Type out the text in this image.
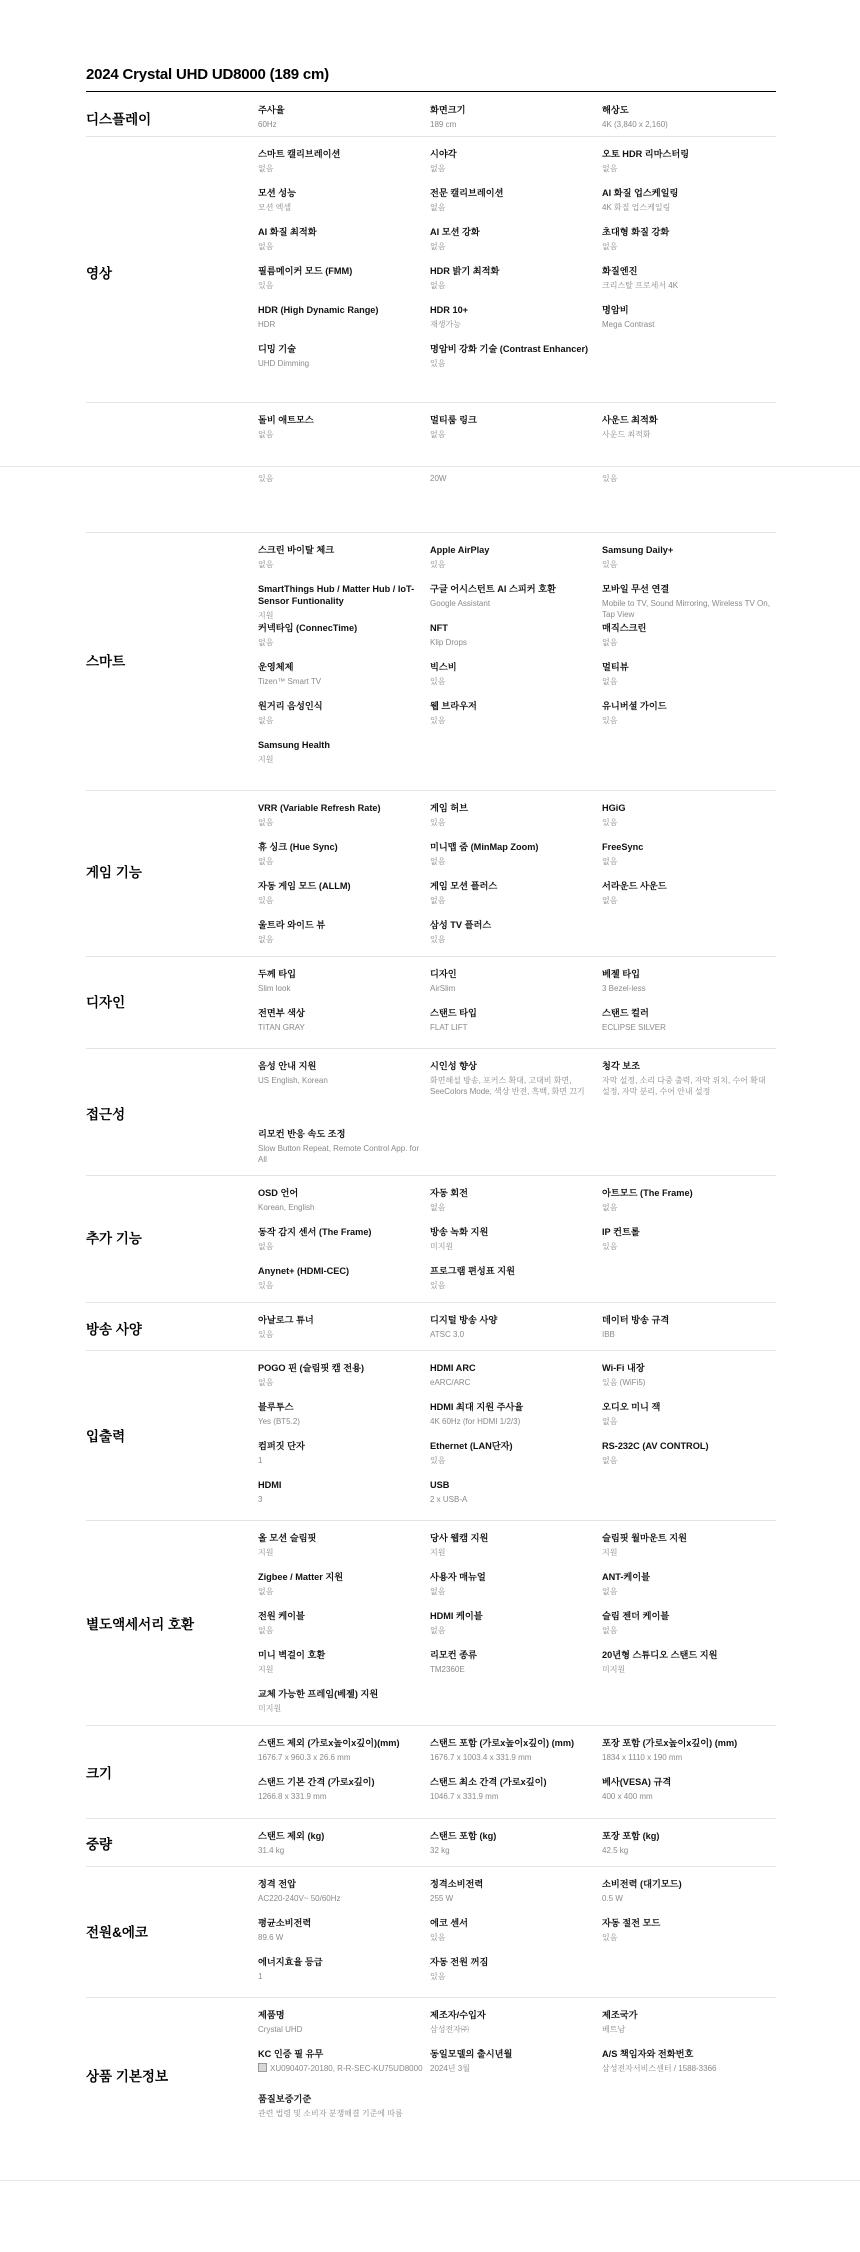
2024 Crystal UHD UD8000 (189 cm)
디스플레이
주사율
60Hz
화면크기
189 cm
해상도
4K (3,840 x 2,160)
영상
스마트 캘리브레이션
없음
시야각
없음
오토 HDR 리마스터링
없음
모션 성능
모션 엑셀
전문 캘리브레이션
없음
AI 화질 업스케일링
4K 화질 업스케일링
AI 화질 최적화
없음
AI 모션 강화
없음
초대형 화질 강화
없음
필름메이커 모드 (FMM)
있음
HDR 밝기 최적화
없음
화질엔진
크리스탈 프로세서 4K
HDR (High Dynamic Range)
HDR
HDR 10+
재생가능
명암비
Mega Contrast
디밍 기술
UHD Dimming
명암비 강화 기술 (Contrast Enhancer)
있음
돌비 애트모스
없음
멀티룸 링크
없음
사운드 최적화
사운드 최적화
있음	20W	있음
스마트
스크린 바이탈 체크
없음
Apple AirPlay
있음
Samsung Daily+
있음
SmartThings Hub / Matter Hub / IoT-Sensor Funtionality
지원
구글 어시스턴트 AI 스피커 호환
Google Assistant
모바일 무선 연결
Mobile to TV, Sound Mirroring, Wireless TV On, Tap View
커넥타임 (ConnecTime)
없음
NFT
Klip Drops
매직스크린
없음
운영체제
Tizen™ Smart TV
빅스비
있음
멀티뷰
없음
원거리 음성인식
없음
웹 브라우저
있음
유니버셜 가이드
있음
Samsung Health
지원
게임 기능
VRR (Variable Refresh Rate)
없음
게임 허브
있음
HGiG
있음
휴 싱크 (Hue Sync)
없음
미니맵 줌 (MinMap Zoom)
없음
FreeSync
없음
자동 게임 모드 (ALLM)
있음
게임 모션 플러스
없음
서라운드 사운드
없음
울트라 와이드 뷰
없음
삼성 TV 플러스
있음
디자인
두께 타입
Slim look
디자인
AirSlim
베젤 타입
3 Bezel-less
전면부 색상
TITAN GRAY
스탠드 타입
FLAT LIFT
스탠드 컬러
ECLIPSE SILVER
접근성
음성 안내 지원
US English, Korean
시인성 향상
화면해설 방송, 포커스 확대, 고대비 화면, SeeColors Mode, 색상 반전, 흑백, 화면 끄기
청각 보조
자막 설정, 소리 다중 출력, 자막 위치, 수어 확대 설정, 자막 분리, 수어 안내 설정
리모컨 반응 속도 조정
Slow Button Repeat, Remote Control App. for All
추가 기능
OSD 언어
Korean, English
자동 회전
없음
아트모드 (The Frame)
없음
동작 감지 센서 (The Frame)
없음
방송 녹화 지원
미지원
IP 컨트롤
있음
Anynet+ (HDMI-CEC)
있음
프로그램 편성표 지원
있음
방송 사양
아날로그 튜너
있음
디지털 방송 사양
ATSC 3.0
데이터 방송 규격
IBB
입출력
POGO 핀 (슬림핏 캠 전용)
없음
HDMI ARC
eARC/ARC
Wi-Fi 내장
있음 (WiFi5)
블루투스
Yes (BT5.2)
HDMI 최대 지원 주사율
4K 60Hz (for HDMI 1/2/3)
오디오 미니 잭
없음
컴퍼짓 단자
1
Ethernet (LAN단자)
있음
RS-232C (AV CONTROL)
없음
HDMI
3
USB
2 x USB-A
별도액세서리 호환
올 모션 슬림핏
지원
당사 웹캠 지원
지원
슬림핏 월마운트 지원
지원
Zigbee / Matter 지원
없음
사용자 매뉴얼
없음
ANT-케이블
없음
전원 케이블
없음
HDMI 케이블
없음
슬림 젠더 케이블
없음
미니 벽걸이 호환
지원
리모컨 종류
TM2360E
20년형 스튜디오 스탠드 지원
미지원
교체 가능한 프레임(베젤) 지원
미지원
크기
스탠드 제외 (가로x높이x깊이)(mm)
1676.7 x 960.3 x 26.6 mm
스탠드 포함 (가로x높이x깊이) (mm)
1676.7 x 1003.4 x 331.9 mm
포장 포함 (가로x높이x깊이) (mm)
1834 x 1110 x 190 mm
스탠드 기본 간격 (가로x깊이)
1266.8 x 331.9 mm
스탠드 최소 간격 (가로x깊이)
1046.7 x 331.9 mm
베사(VESA) 규격
400 x 400 mm
중량
스탠드 제외 (kg)
31.4 kg
스탠드 포함 (kg)
32 kg
포장 포함 (kg)
42.5 kg
전원&에코
정격 전압
AC220-240V~ 50/60Hz
정격소비전력
255 W
소비전력 (대기모드)
0.5 W
평균소비전력
89.6 W
에코 센서
있음
자동 절전 모드
있음
에너지효율 등급
1
자동 전원 꺼짐
있음
상품 기본정보
제품명
Crystal UHD
제조자/수입자
삼성전자㈜
제조국가
베트남
KC 인증 필 유무
XU090407-20180, R-R-SEC-KU75UD8000
동일모델의 출시년월
2024년 3월
A/S 책임자와 전화번호
삼성전자서비스센터 / 1588-3366
품질보증기준
관련 법령 및 소비자 분쟁해결 기준에 따름
